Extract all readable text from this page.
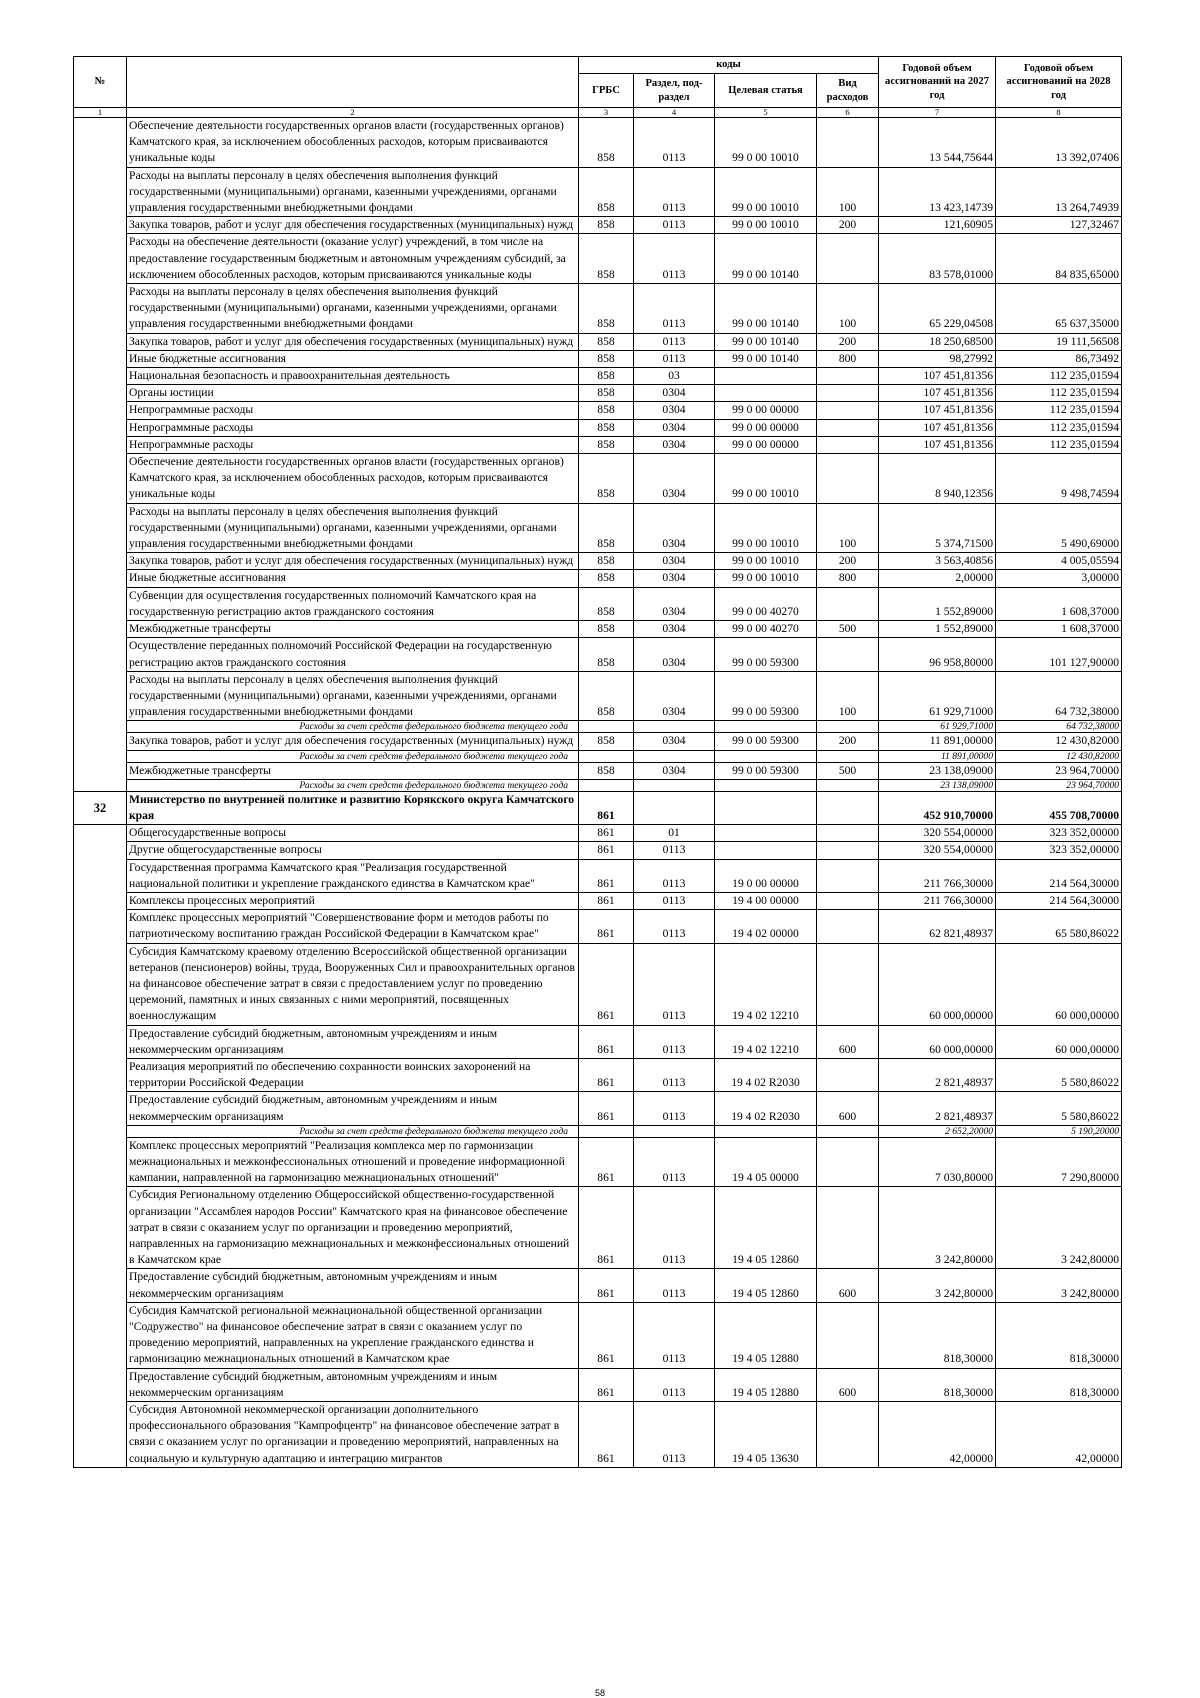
№		коды				Годовой объем ассигнований на 2027 год	Годовой объем ассигнований на 2028 год
		ГРБС	Раздел, под-раздел	Целевая статья	Вид расходов		
1	2	3	4	5	6	7	8
	Обеспечение деятельности государственных органов власти (государственных органов) Камчатского края, за исключением обособленных расходов, которым присваиваются уникальные коды	858	0113	99 0 00 10010		13 544,75644	13 392,07406
	Расходы на выплаты персоналу в целях обеспечения выполнения функций государственными (муниципальными) органами, казенными учреждениями, органами управления государственными внебюджетными фондами	858	0113	99 0 00 10010	100	13 423,14739	13 264,74939
	Закупка товаров, работ и услуг для обеспечения государственных (муниципальных) нужд	858	0113	99 0 00 10010	200	121,60905	127,32467
	Расходы на обеспечение деятельности (оказание услуг) учреждений, в том числе на предоставление государственным бюджетным и автономным учреждениям субсидий, за исключением обособленных расходов, которым присваиваются уникальные коды	858	0113	99 0 00 10140		83 578,01000	84 835,65000
	Расходы на выплаты персоналу в целях обеспечения выполнения функций государственными (муниципальными) органами, казенными учреждениями, органами управления государственными внебюджетными фондами	858	0113	99 0 00 10140	100	65 229,04508	65 637,35000
	Закупка товаров, работ и услуг для обеспечения государственных (муниципальных) нужд	858	0113	99 0 00 10140	200	18 250,68500	19 111,56508
	Иные бюджетные ассигнования	858	0113	99 0 00 10140	800	98,27992	86,73492
	Национальная безопасность и правоохранительная деятельность	858	03			107 451,81356	112 235,01594
	Органы юстиции	858	0304			107 451,81356	112 235,01594
	Непрограммные расходы	858	0304	99 0 00 00000		107 451,81356	112 235,01594
	Непрограммные расходы	858	0304	99 0 00 00000		107 451,81356	112 235,01594
	Непрограммные расходы	858	0304	99 0 00 00000		107 451,81356	112 235,01594
	Обеспечение деятельности государственных органов власти (государственных органов) Камчатского края, за исключением обособленных расходов, которым присваиваются уникальные коды	858	0304	99 0 00 10010		8 940,12356	9 498,74594
	Расходы на выплаты персоналу в целях обеспечения выполнения функций государственными (муниципальными) органами, казенными учреждениями, органами управления государственными внебюджетными фондами	858	0304	99 0 00 10010	100	5 374,71500	5 490,69000
	Закупка товаров, работ и услуг для обеспечения государственных (муниципальных) нужд	858	0304	99 0 00 10010	200	3 563,40856	4 005,05594
	Иные бюджетные ассигнования	858	0304	99 0 00 10010	800	2,00000	3,00000
	Субвенции для осуществления государственных полномочий Камчатского края на государственную регистрацию актов гражданского состояния	858	0304	99 0 00 40270		1 552,89000	1 608,37000
	Межбюджетные трансферты	858	0304	99 0 00 40270	500	1 552,89000	1 608,37000
	Осуществление переданных полномочий Российской Федерации на государственную регистрацию актов гражданского состояния	858	0304	99 0 00 59300		96 958,80000	101 127,90000
	Расходы на выплаты персоналу в целях обеспечения выполнения функций государственными (муниципальными) органами, казенными учреждениями, органами управления государственными внебюджетными фондами	858	0304	99 0 00 59300	100	61 929,71000	64 732,38000
	Расходы за счет средств федерального бюджета текущего года					61 929,71000	64 732,38000
	Закупка товаров, работ и услуг для обеспечения государственных (муниципальных) нужд	858	0304	99 0 00 59300	200	11 891,00000	12 430,82000
	Расходы за счет средств федерального бюджета текущего года					11 891,00000	12 430,82000
	Межбюджетные трансферты	858	0304	99 0 00 59300	500	23 138,09000	23 964,70000
	Расходы за счет средств федерального бюджета текущего года					23 138,09000	23 964,70000
32	Министерство по внутренней политике и развитию Корякского округа Камчатского края	861				452 910,70000	455 708,70000
	Общегосударственные вопросы	861	01			320 554,00000	323 352,00000
	Другие общегосударственные вопросы	861	0113			320 554,00000	323 352,00000
	Государственная программа Камчатского края "Реализация государственной национальной политики и укрепление гражданского единства в Камчатском крае"	861	0113	19 0 00 00000		211 766,30000	214 564,30000
	Комплексы процессных мероприятий	861	0113	19 4 00 00000		211 766,30000	214 564,30000
	Комплекс процессных мероприятий "Совершенствование форм и методов работы по патриотическому воспитанию граждан Российской Федерации в Камчатском крае"	861	0113	19 4 02 00000		62 821,48937	65 580,86022
	Субсидия Камчатскому краевому отделению Всероссийской общественной организации ветеранов (пенсионеров) войны, труда, Вооруженных Сил и правоохранительных органов на финансовое обеспечение затрат в связи с предоставлением услуг по проведению церемоний, памятных и иных связанных с ними мероприятий, посвященных военнослужащим	861	0113	19 4 02 12210		60 000,00000	60 000,00000
	Предоставление субсидий бюджетным, автономным учреждениям и иным некоммерческим организациям	861	0113	19 4 02 12210	600	60 000,00000	60 000,00000
	Реализация мероприятий по обеспечению сохранности воинских захоронений на территории Российской Федерации	861	0113	19 4 02 R2030		2 821,48937	5 580,86022
	Предоставление субсидий бюджетным, автономным учреждениям и иным некоммерческим организациям	861	0113	19 4 02 R2030	600	2 821,48937	5 580,86022
	Расходы за счет средств федерального бюджета текущего года					2 652,20000	5 190,20000
	Комплекс процессных мероприятий "Реализация комплекса мер по гармонизации межнациональных и межконфессиональных отношений и проведение информационной кампании, направленной на гармонизацию межнациональных отношений"	861	0113	19 4 05 00000		7 030,80000	7 290,80000
	Субсидия Региональному отделению Общероссийской общественно-государственной организации "Ассамблея народов России" Камчатского края на финансовое обеспечение затрат в связи с оказанием услуг по организации и проведению мероприятий, направленных на гармонизацию межнациональных и межконфессиональных отношений в Камчатском крае	861	0113	19 4 05 12860		3 242,80000	3 242,80000
	Предоставление субсидий бюджетным, автономным учреждениям и иным некоммерческим организациям	861	0113	19 4 05 12860	600	3 242,80000	3 242,80000
	Субсидия Камчатской региональной межнациональной общественной организации "Содружество" на финансовое обеспечение затрат в связи с оказанием услуг по проведению мероприятий, направленных на укрепление гражданского единства и гармонизацию межнациональных отношений в Камчатском крае	861	0113	19 4 05 12880		818,30000	818,30000
	Предоставление субсидий бюджетным, автономным учреждениям и иным некоммерческим организациям	861	0113	19 4 05 12880	600	818,30000	818,30000
	Субсидия Автономной некоммерческой организации дополнительного профессионального образования "Кампрофцентр" на финансовое обеспечение затрат в связи с оказанием услуг по организации и проведению мероприятий, направленных на социальную и культурную адаптацию и интеграцию мигрантов	861	0113	19 4 05 13630		42,00000	42,00000
58
